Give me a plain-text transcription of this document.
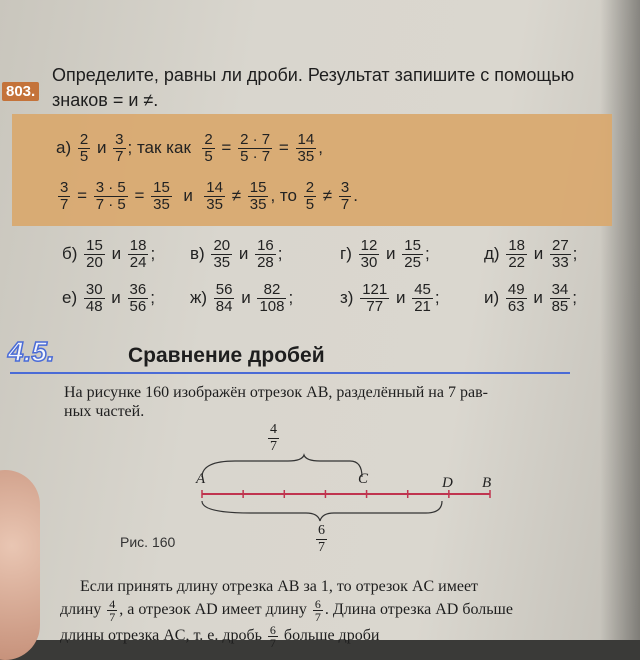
803.
Определите, равны ли дроби. Результат запишите с помощью
знаков = и ≠.
$а) \frac{2}{5}$ и $\frac{3}{7}$ ; так как $\frac{2}{5} = \frac{2 \cdot 7}{5 \cdot 7} = \frac{14}{35}$ ,
$\frac{3}{7} = \frac{3 \cdot 5}{7 \cdot 5} = \frac{15}{35}$ и $\frac{14}{35} \ne \frac{15}{35}$ , то $\frac{2}{5} \ne \frac{3}{7}$ .
$б) \frac{15}{20}$ и $\frac{18}{24}$ ; $в) \frac{20}{35}$ и $\frac{16}{28}$ ;	$г) \frac{12}{30}$ и $\frac{15}{25}$ ;	$д) \frac{18}{22}$ и $\frac{27}{33}$ ;
$е) \frac{30}{48}$ и $\frac{36}{56}$ ; $ж) \frac{56}{84}$ и $\frac{82}{108}$ ;	$з) \frac{121}{77}$ и $\frac{45}{21}$ ;	$и) \frac{49}{63}$ и $\frac{34}{85}$ ;
4.5.	Сравнение дробей
На рисунке 160 изображён отрезок AB, разделённый на 7 рав-
ных частей.
$\frac{4}{7}$
A	C	D B
$\frac{6}{7}$
Рис. 160
Если принять длину отрезка AB за 1, то отрезок AC имеет
длину $\frac{4}{7}$ , а отрезок AD имеет длину $\frac{6}{7}$ . Длина отрезка AD больше
длины отрезка AC, т. е. дробь $\frac{6}{7}$ больше дроби
